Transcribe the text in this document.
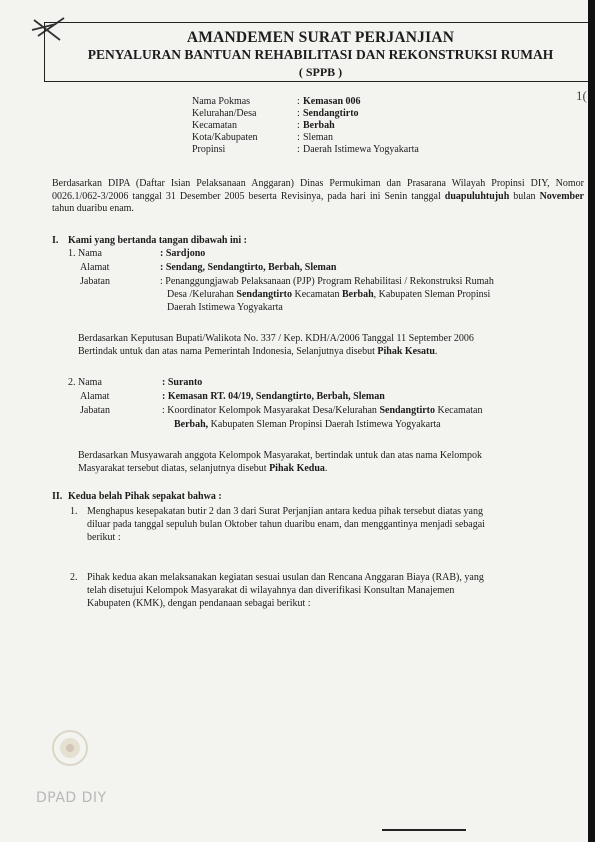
AMANDEMEN SURAT PERJANJIAN
PENYALURAN BANTUAN REHABILITASI DAN REKONSTRUKSI RUMAH
( SPPB )
1(
Nama Pokmas	: Kemasan 006
Kelurahan/Desa	: Sendangtirto
Kecamatan	: Berbah
Kota/Kabupaten	: Sleman
Propinsi	: Daerah Istimewa Yogyakarta
Berdasarkan DIPA (Daftar Isian Pelaksanaan Anggaran) Dinas Permukiman dan Prasarana Wilayah Propinsi DIY, Nomor 0026.1/062-3/2006 tanggal 31 Desember 2005 beserta Revisinya, pada hari ini Senin tanggal duapuluhtujuh bulan November tahun duaribu enam.
I. Kami yang bertanda tangan dibawah ini :
1. Nama	: Sardjono
Alamat	: Sendang, Sendangtirto, Berbah, Sleman
Jabatan	: Penanggungjawab Pelaksanaan (PJP) Program Rehabilitasi / Rekonstruksi Rumah
Desa /Kelurahan Sendangtirto Kecamatan Berbah, Kabupaten Sleman Propinsi
Daerah Istimewa Yogyakarta
Berdasarkan Keputusan Bupati/Walikota No. 337 / Kep. KDH/A/2006 Tanggal 11 September 2006
Bertindak untuk dan atas nama Pemerintah Indonesia, Selanjutnya disebut Pihak Kesatu.
2. Nama	: Suranto
Alamat	: Kemasan RT. 04/19, Sendangtirto, Berbah, Sleman
Jabatan	: Koordinator Kelompok Masyarakat Desa/Kelurahan Sendangtirto Kecamatan
Berbah, Kabupaten Sleman Propinsi Daerah Istimewa Yogyakarta
Berdasarkan Musyawarah anggota Kelompok Masyarakat, bertindak untuk dan atas nama Kelompok
Masyarakat tersebut diatas, selanjutnya disebut Pihak Kedua.
II. Kedua belah Pihak sepakat bahwa :
1. Menghapus kesepakatan butir 2 dan 3 dari Surat Perjanjian antara kedua pihak tersebut diatas yang
diluar pada tanggal sepuluh bulan Oktober tahun duaribu enam, dan menggantinya menjadi sebagai
berikut :
2. Pihak kedua akan melaksanakan kegiatan sesuai usulan dan Rencana Anggaran Biaya (RAB), yang
telah disetujui Kelompok Masyarakat di wilayahnya dan diverifikasi Konsultan Manajemen
Kabupaten (KMK), dengan pendanaan sebagai berikut :
DPAD DIY
